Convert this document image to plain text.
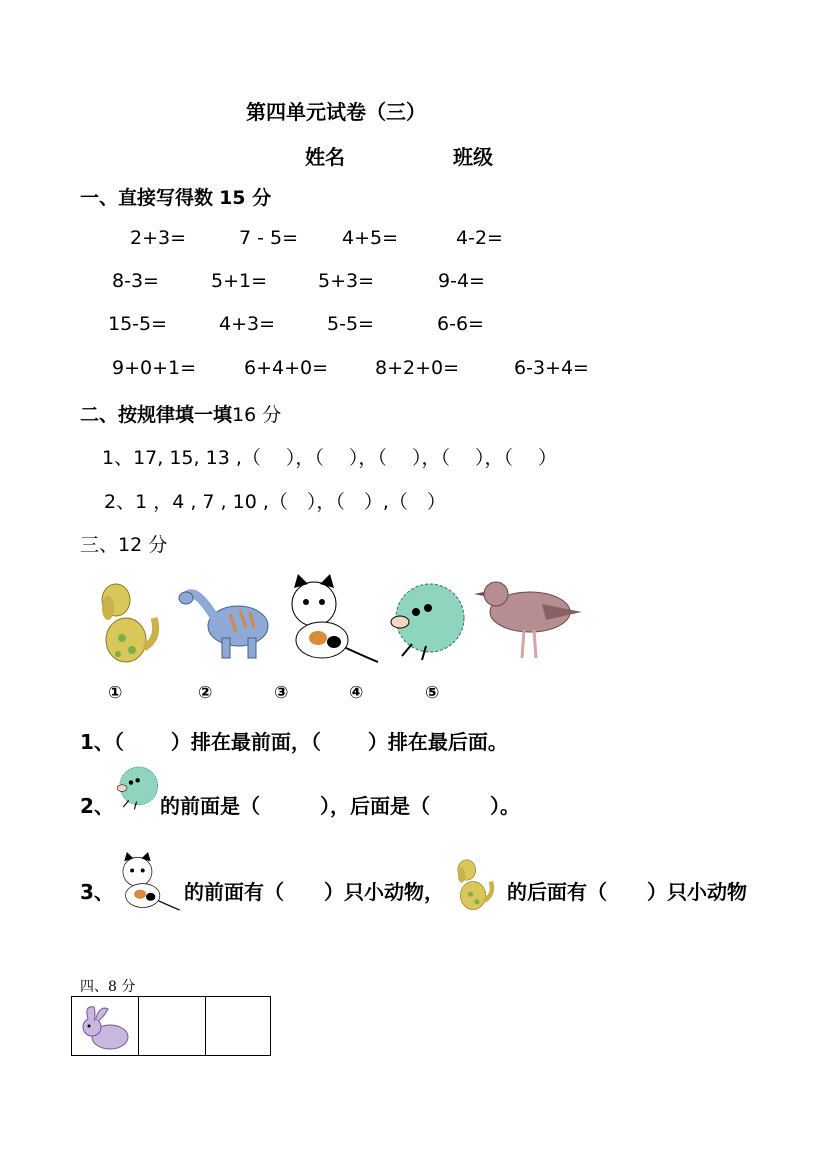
第四单元试卷（三）
姓名	班级
一、直接写得数 15 分
2+3=	7 - 5= 4+5=	4-2=
8-3=	5+1=	5+3=	9-4=
15-5=	4+3=	5-5=	6-6=
9+0+1=	6+4+0= 8+2+0=	6-3+4=
二、按规律填一填16 分
1、17, 15, 13 ,（　 ），（　 ），（　 ），（　 ），（　 ）
2、1 ，4 , 7 , 10 ,（　），（　）,（　）
三、12 分
①	②	③	④	⑤
1、（　　 ）排在最前面，（　　 ）排在最后面。
2、 的前面是（　　　），后面是（　　　）。
3、	的前面有（　　）只小动物，	的后面有（　　）只小动物
四、8 分
